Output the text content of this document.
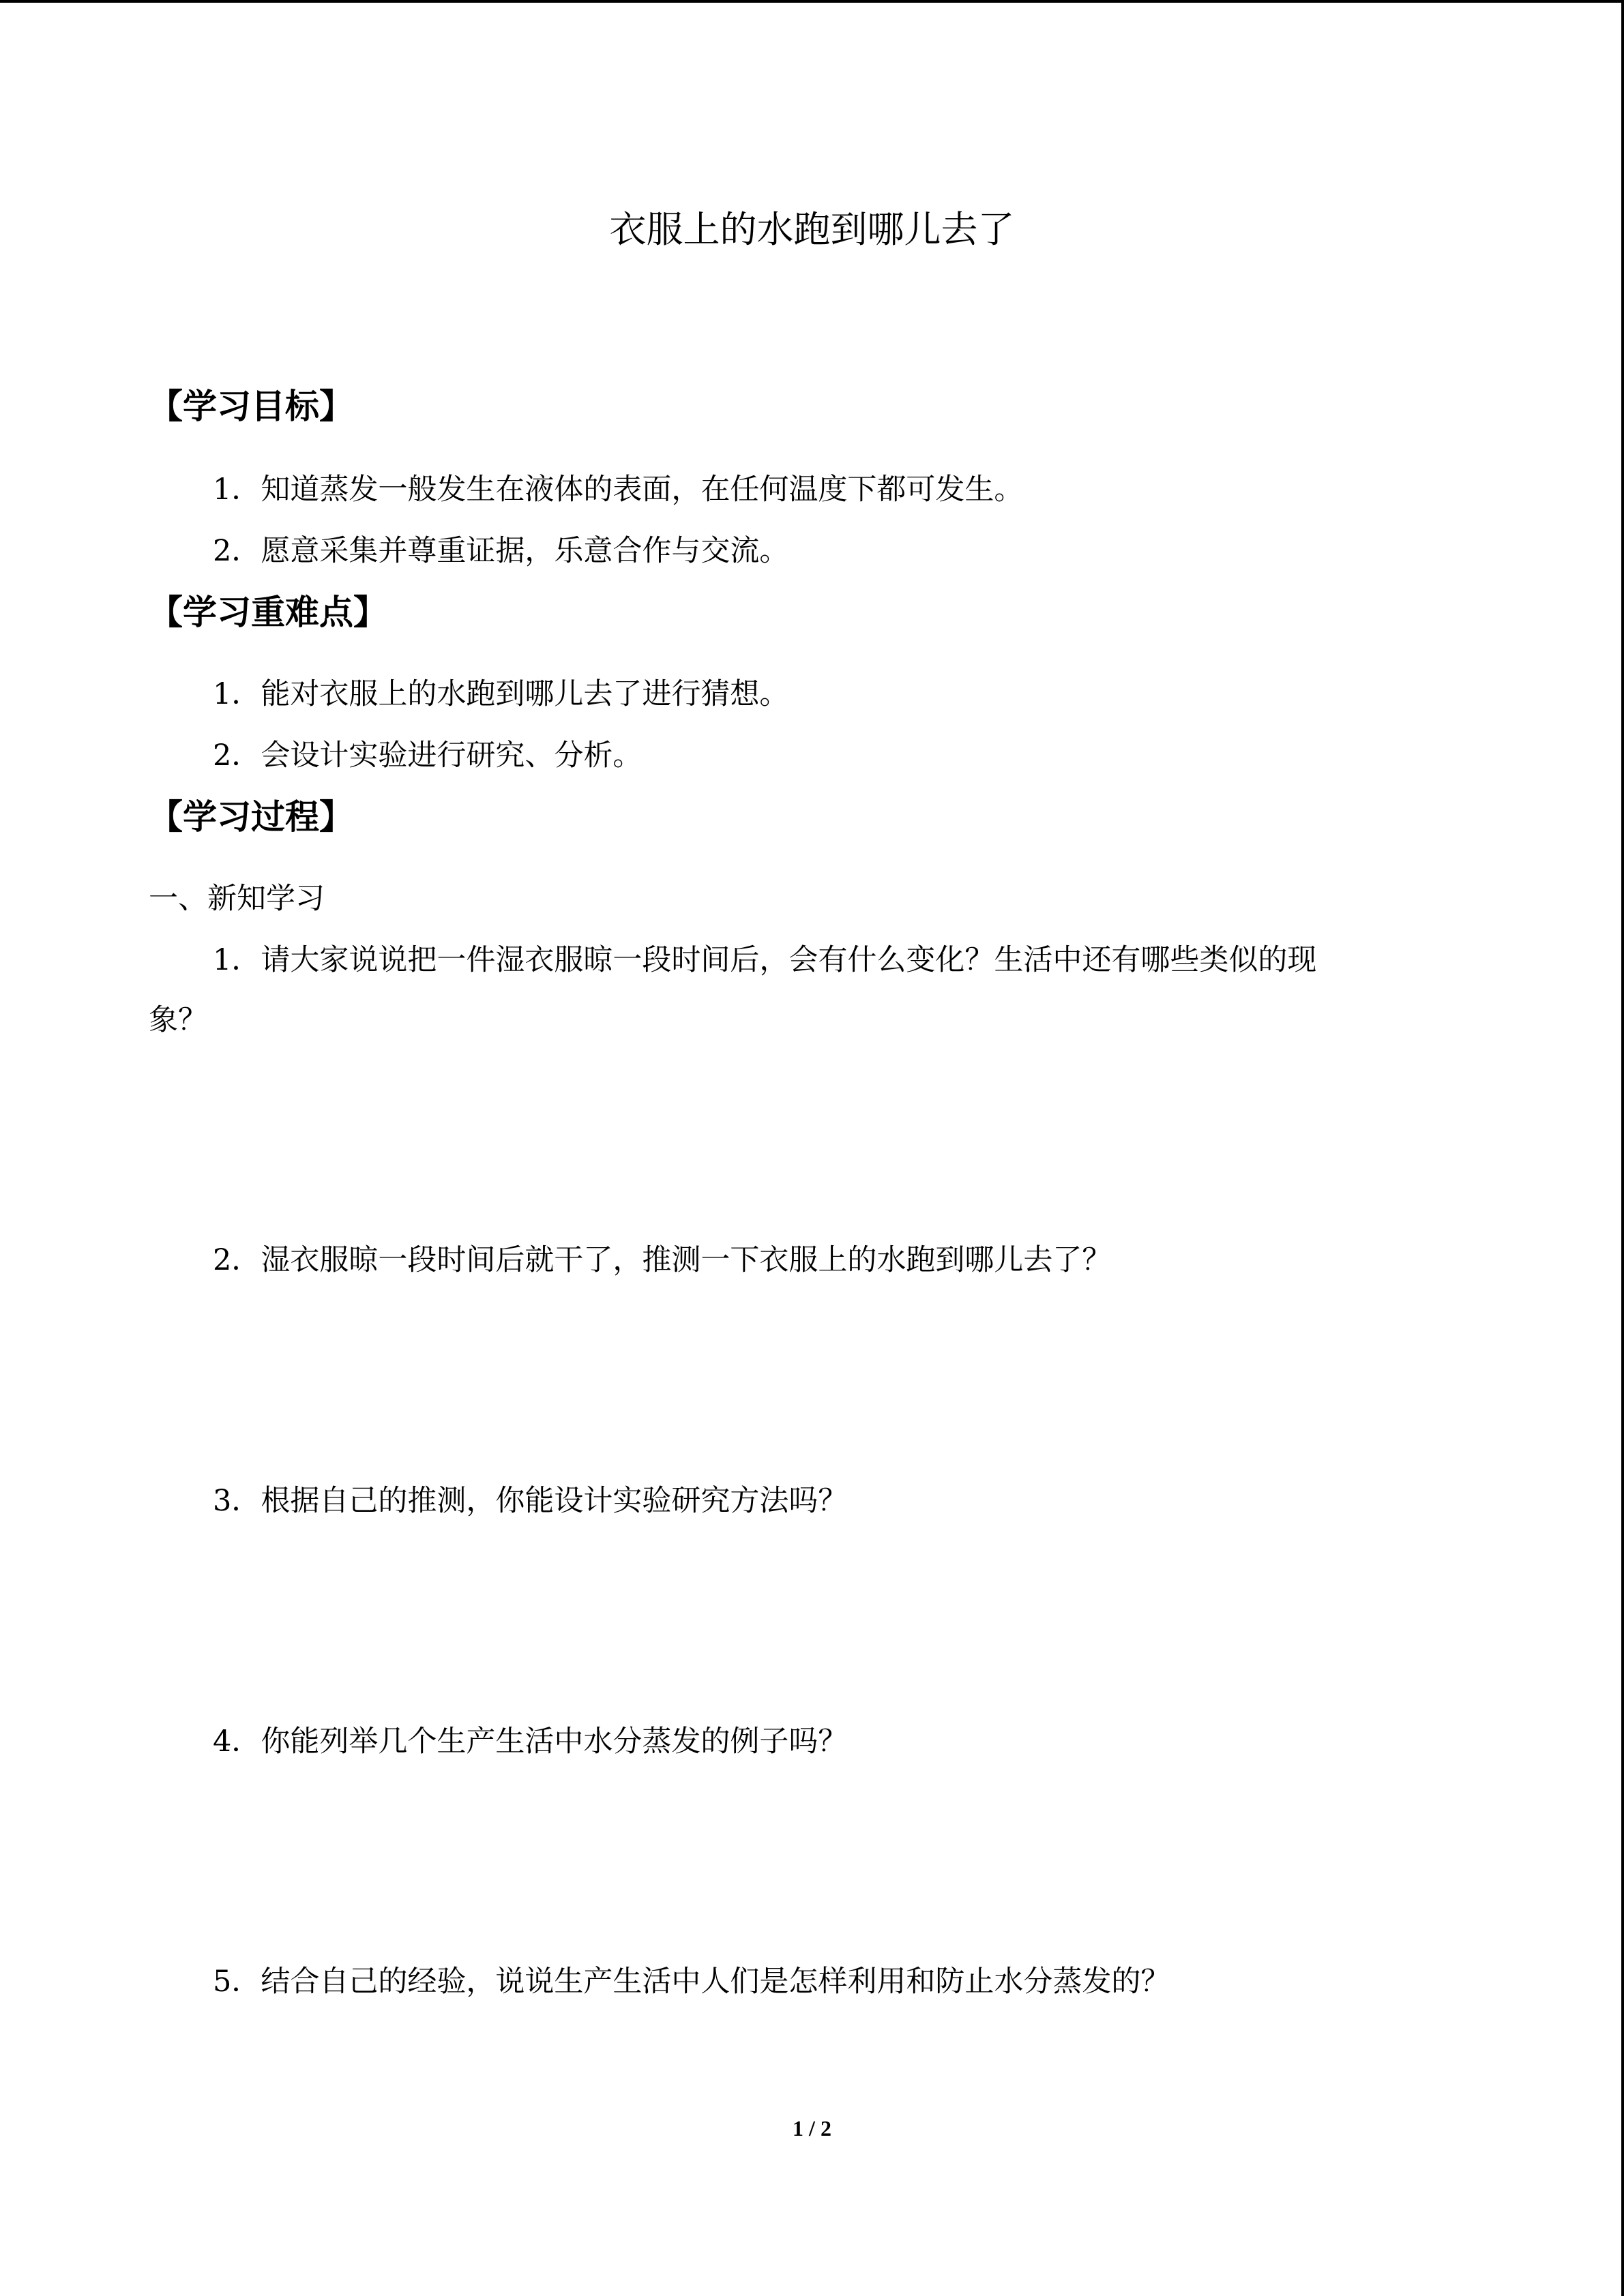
衣服上的水跑到哪儿去了
【学习目标】
1．知道蒸发一般发生在液体的表面，在任何温度下都可发生。
2．愿意采集并尊重证据，乐意合作与交流。
【学习重难点】
1．能对衣服上的水跑到哪儿去了进行猜想。
2．会设计实验进行研究、分析。
【学习过程】
一、新知学习
1．请大家说说把一件湿衣服晾一段时间后，会有什么变化？生活中还有哪些类似的现
象？
2．湿衣服晾一段时间后就干了，推测一下衣服上的水跑到哪儿去了？
3．根据自己的推测，你能设计实验研究方法吗？
4．你能列举几个生产生活中水分蒸发的例子吗？
5．结合自己的经验，说说生产生活中人们是怎样利用和防止水分蒸发的？
1 / 2
